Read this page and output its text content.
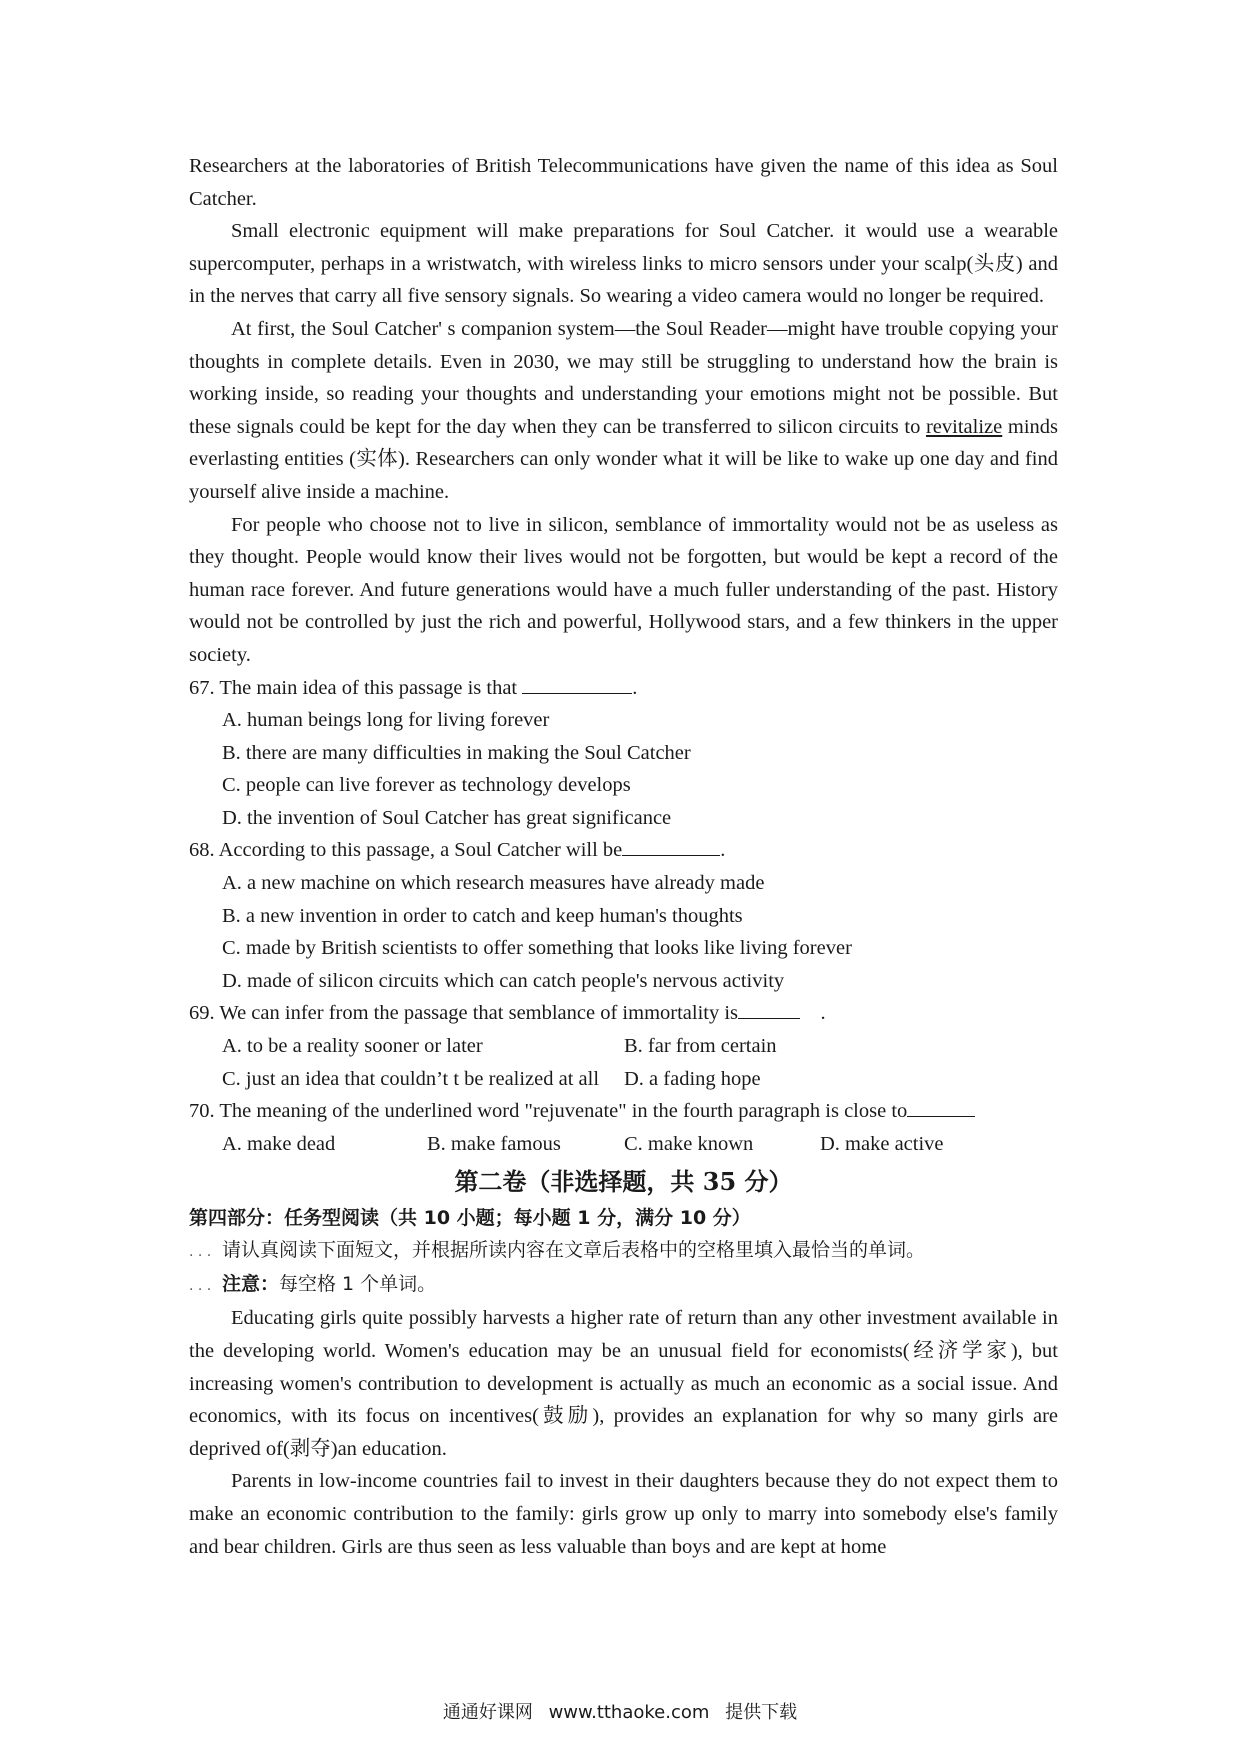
Researchers at the laboratories of British Telecommunications have given the name of this idea as Soul Catcher.

Small electronic equipment will make preparations for Soul Catcher. it would use a wearable supercomputer, perhaps in a wristwatch, with wireless links to micro sensors under your scalp(头皮) and in the nerves that carry all five sensory signals. So wearing a video camera would no longer be required.

At first, the Soul Catcher' s companion system—the Soul Reader—might have trouble copying your thoughts in complete details. Even in 2030, we may still be struggling to understand how the brain is working inside, so reading your thoughts and understanding your emotions might not be possible. But these signals could be kept for the day when they can be transferred to silicon circuits to revitalize minds everlasting entities (实体). Researchers can only wonder what it will be like to wake up one day and find yourself alive inside a machine.

For people who choose not to live in silicon, semblance of immortality would not be as useless as they thought. People would know their lives would not be forgotten, but would be kept a record of the human race forever. And future generations would have a much fuller understanding of the past. History would not be controlled by just the rich and powerful, Hollywood stars, and a few thinkers in the upper society.

67. The main idea of this passage is that	.

A. human beings long for living forever

B. there are many difficulties in making the Soul Catcher

C. people can live forever as technology develops

D. the invention of Soul Catcher has great significance

68. According to this passage, a Soul Catcher will be	.

A. a new machine on which research measures have already made

B. a new invention in order to catch and keep human's thoughts

C. made by British scientists to offer something that looks like living forever

D. made of silicon circuits which can catch people's nervous activity

69. We can infer from the passage that semblance of immortality is	.

A. to be a reality sooner or later	B. far from certain
C. just an idea that couldn’t t be realized at all	D. a fading hope

70. The meaning of the underlined word "rejuvenate" in the fourth paragraph is close to

A. make dead	B. make famous	C. make known	D. make active

第二卷（非选择题，共 35 分）

第四部分：任务型阅读（共 10 小题；每小题 1 分，满分 10 分）

. . . 请认真阅读下面短文，并根据所读内容在文章后表格中的空格里填入最恰当的单词。

. . . 注意：每空格 1 个单词。

Educating girls quite possibly harvests a higher rate of return than any other investment available in the developing world. Women's education may be an unusual field for economists(经济学家), but increasing women's contribution to development is actually as much an economic as a social issue. And economics, with its focus on incentives(鼓励), provides an explanation for why so many girls are deprived of(剥夺)an education.

Parents in low-income countries fail to invest in their daughters because they do not expect them to make an economic contribution to the family: girls grow up only to marry into somebody else's family and bear children. Girls are thus seen as less valuable than boys and are kept at home

通通好课网 www.tthaoke.com 提供下载
